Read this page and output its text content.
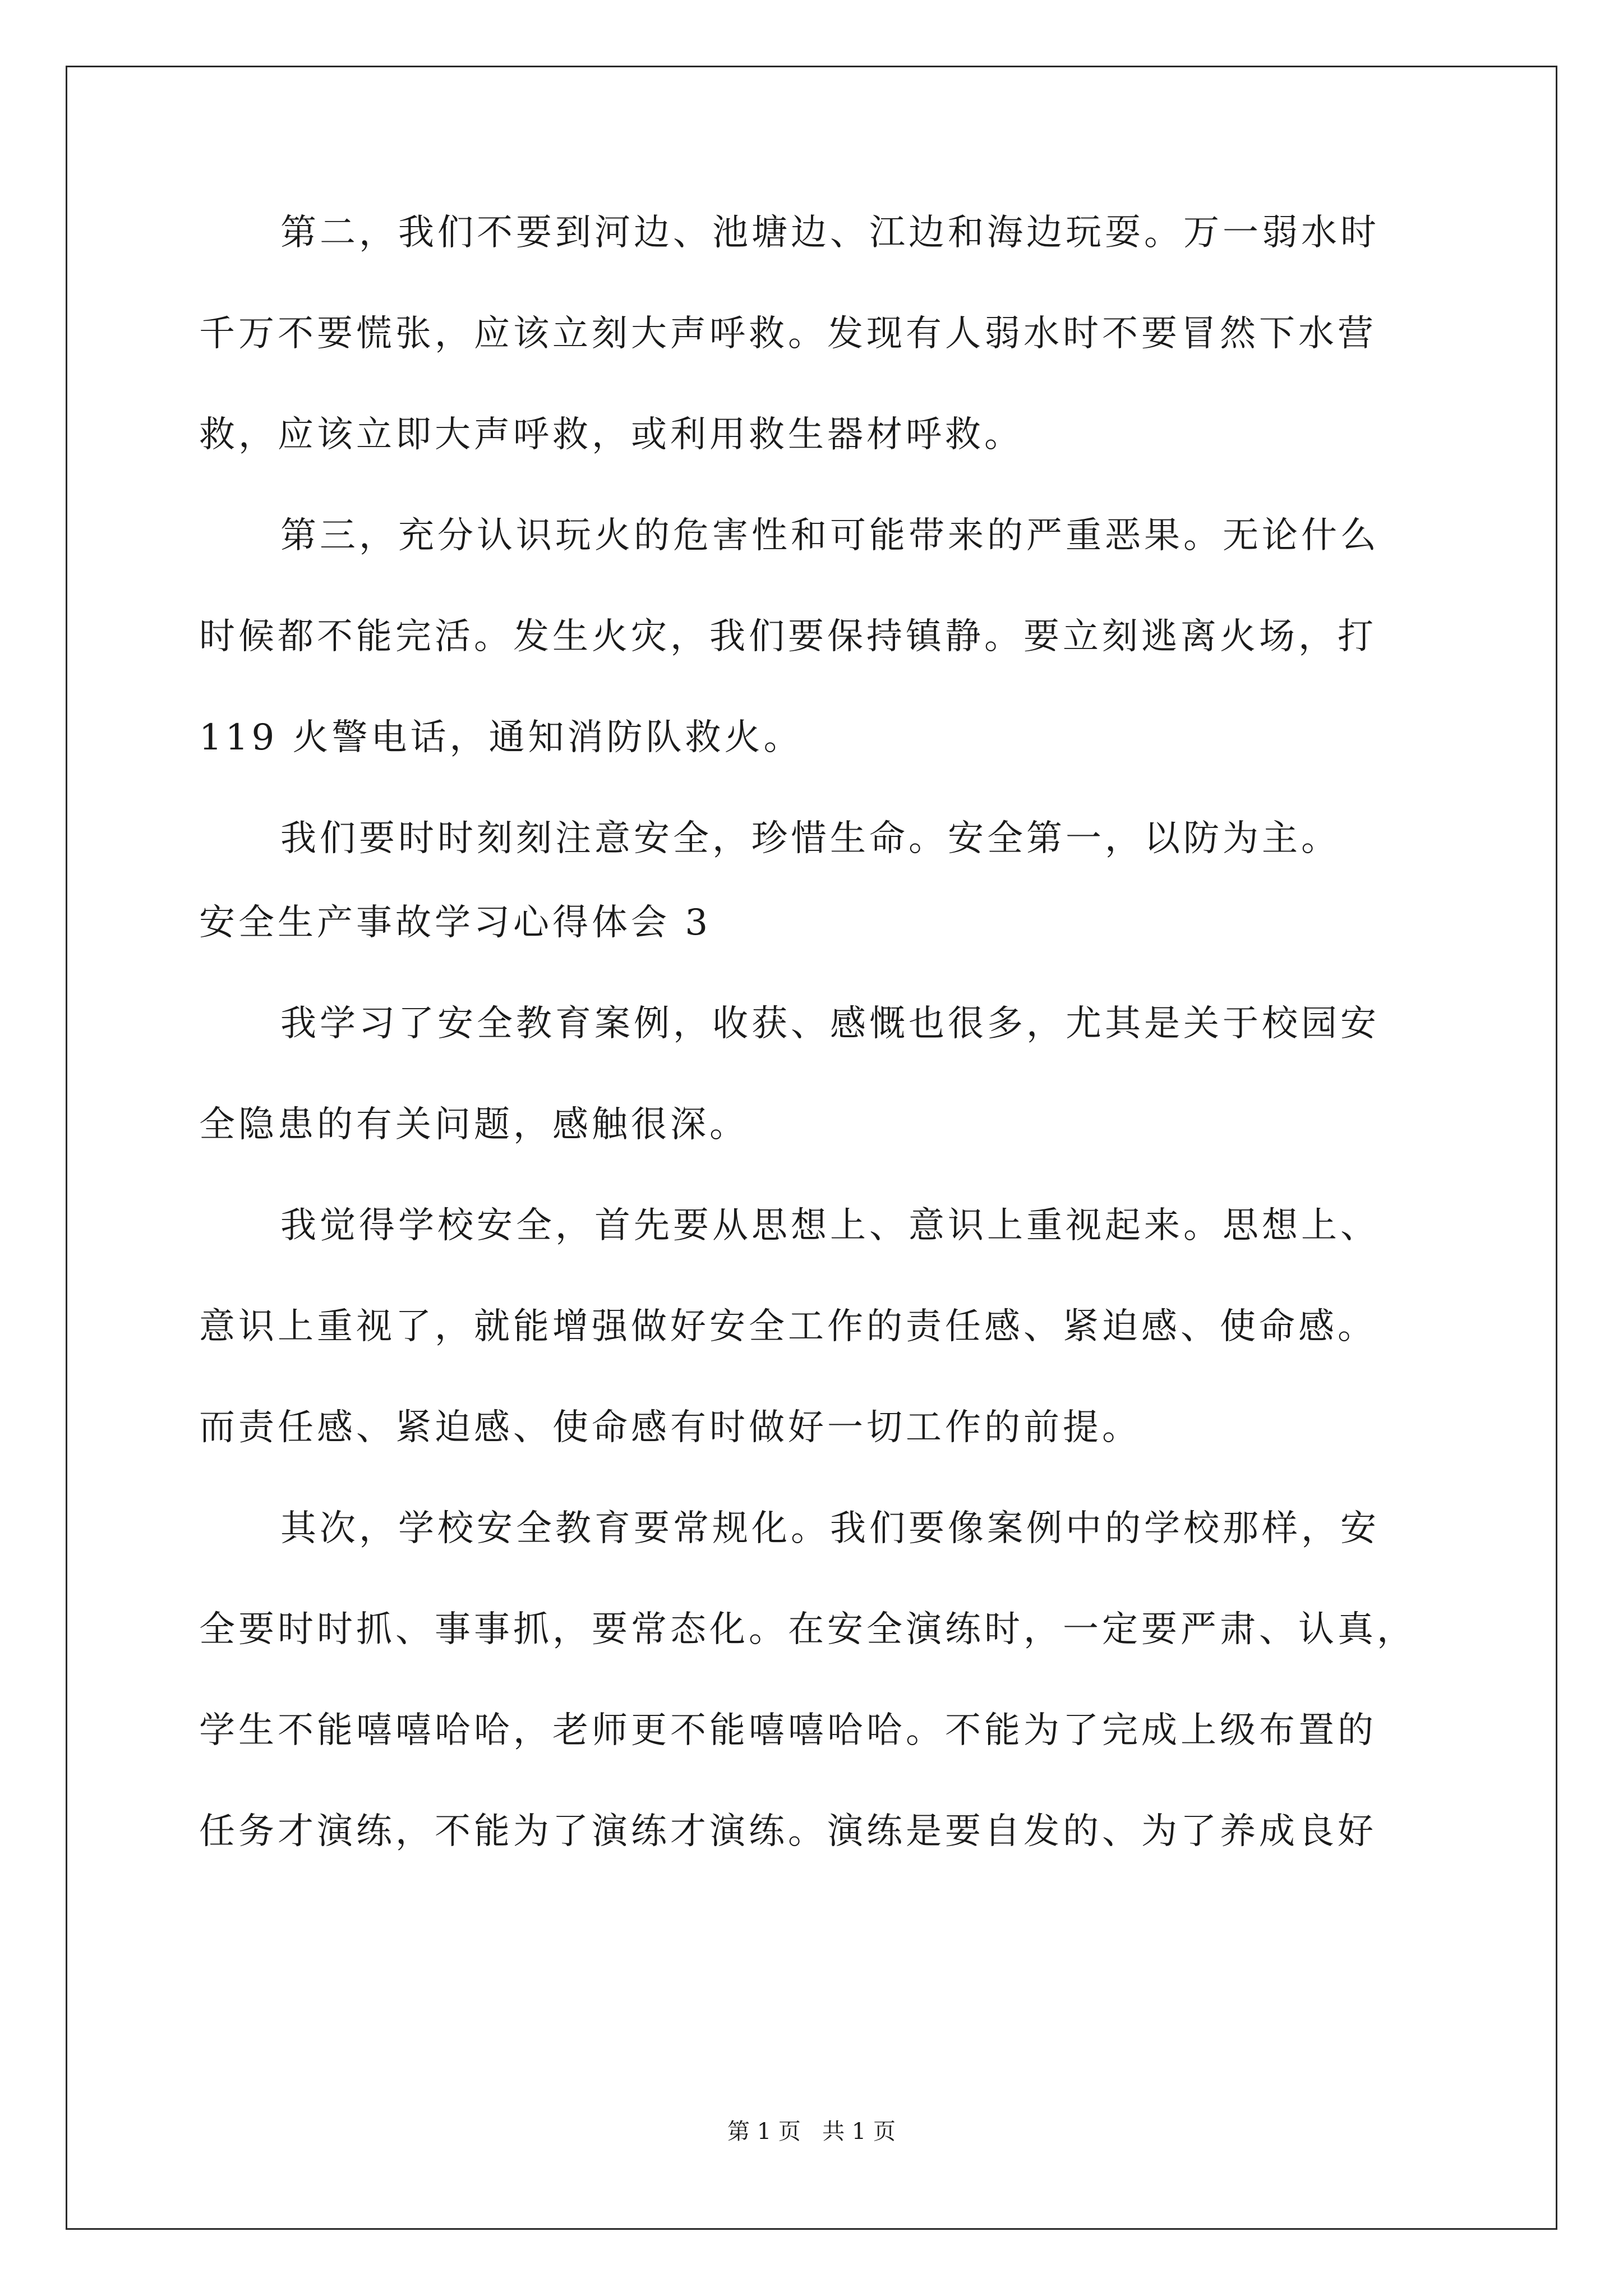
第二，我们不要到河边、池塘边、江边和海边玩耍。万一弱水时
千万不要慌张，应该立刻大声呼救。发现有人弱水时不要冒然下水营
救，应该立即大声呼救，或利用救生器材呼救。
第三，充分认识玩火的危害性和可能带来的严重恶果。无论什么
时候都不能完活。发生火灾，我们要保持镇静。要立刻逃离火场，打
119 火警电话，通知消防队救火。
我们要时时刻刻注意安全，珍惜生命。安全第一，以防为主。
安全生产事故学习心得体会 3
我学习了安全教育案例，收获、感慨也很多，尤其是关于校园安
全隐患的有关问题，感触很深。
我觉得学校安全，首先要从思想上、意识上重视起来。思想上、
意识上重视了，就能增强做好安全工作的责任感、紧迫感、使命感。
而责任感、紧迫感、使命感有时做好一切工作的前提。
其次，学校安全教育要常规化。我们要像案例中的学校那样，安
全要时时抓、事事抓，要常态化。在安全演练时，一定要严肃、认真，
学生不能嘻嘻哈哈，老师更不能嘻嘻哈哈。不能为了完成上级布置的
任务才演练，不能为了演练才演练。演练是要自发的、为了养成良好
第 1 页   共 1 页
